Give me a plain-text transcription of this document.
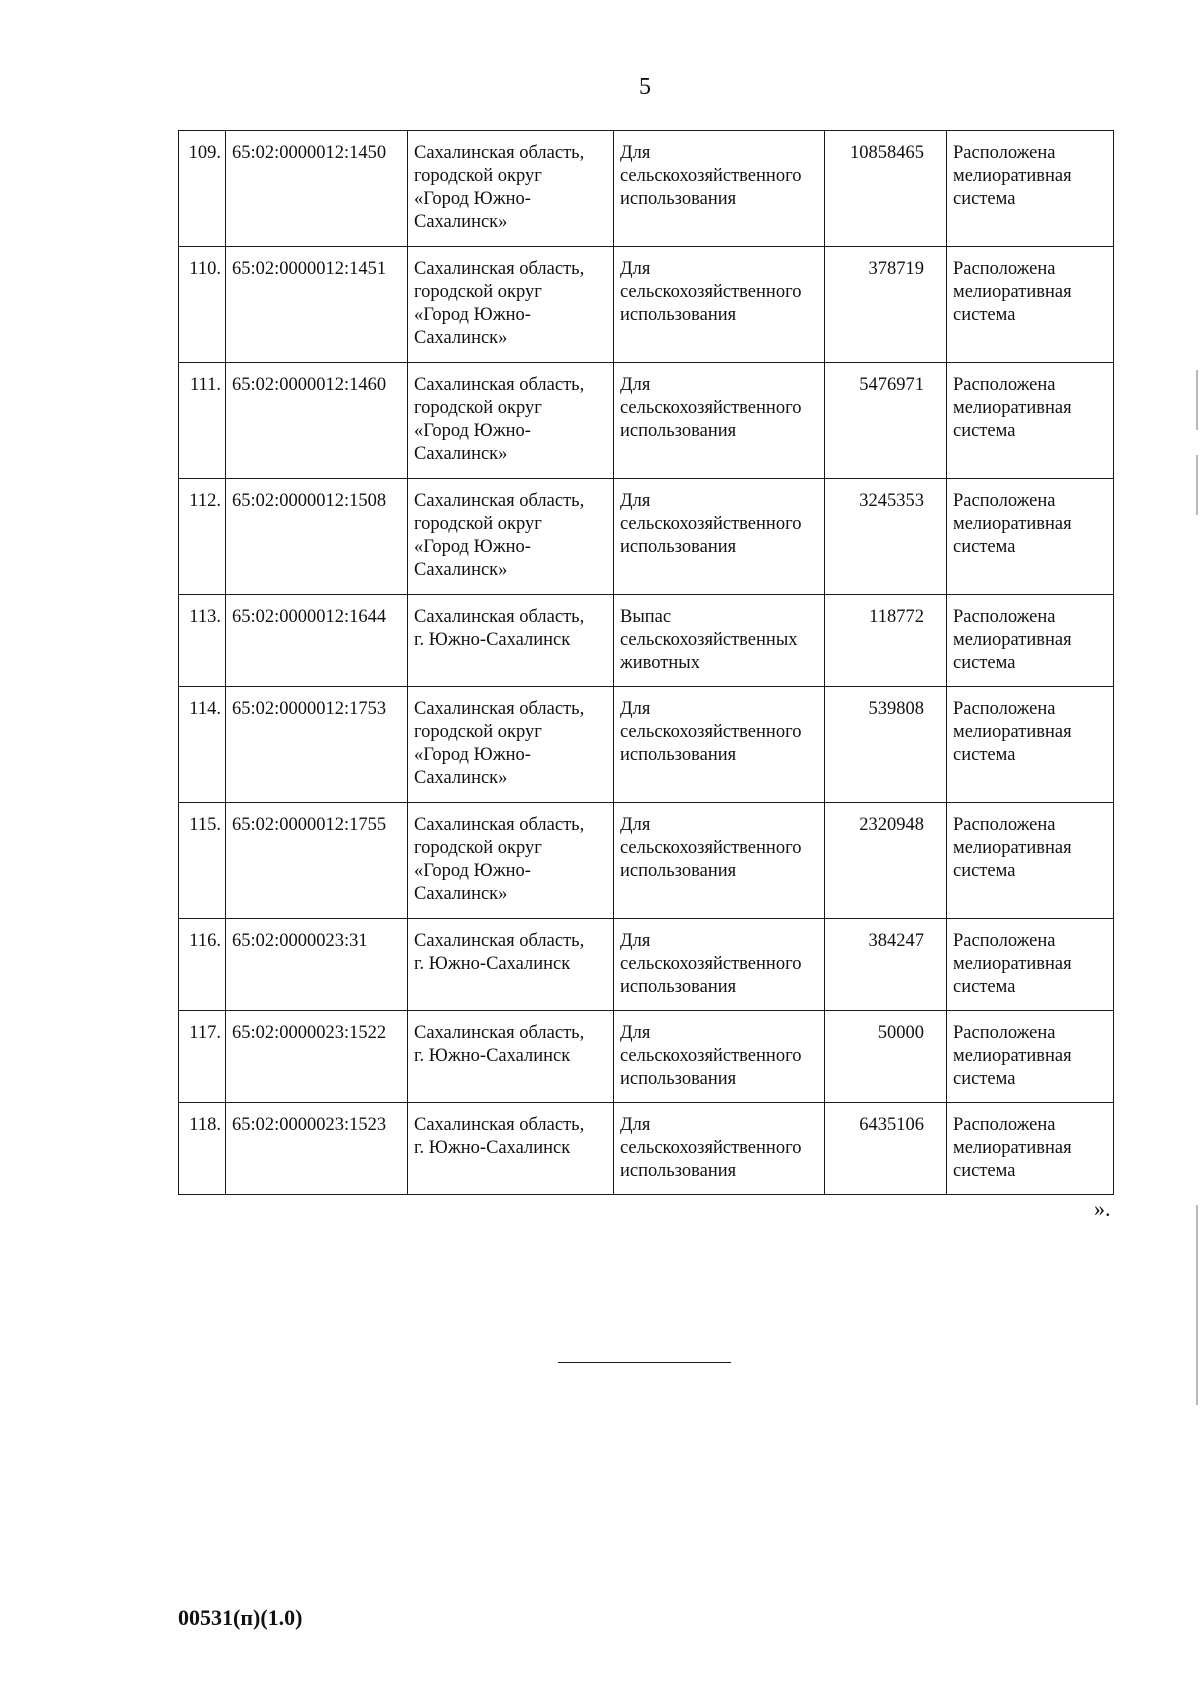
5
109.	65:02:0000012:1450	Сахалинская область,
городской округ
«Город Южно-
Сахалинск»	Для
сельскохозяйственного
использования	10858465	Расположена
мелиоративная
система
110.	65:02:0000012:1451	Сахалинская область,
городской округ
«Город Южно-
Сахалинск»	Для
сельскохозяйственного
использования	378719	Расположена
мелиоративная
система
111.	65:02:0000012:1460	Сахалинская область,
городской округ
«Город Южно-
Сахалинск»	Для
сельскохозяйственного
использования	5476971	Расположена
мелиоративная
система
112.	65:02:0000012:1508	Сахалинская область,
городской округ
«Город Южно-
Сахалинск»	Для
сельскохозяйственного
использования	3245353	Расположена
мелиоративная
система
113.	65:02:0000012:1644	Сахалинская область,
г. Южно-Сахалинск	Выпас
сельскохозяйственных
животных	118772	Расположена
мелиоративная
система
114.	65:02:0000012:1753	Сахалинская область,
городской округ
«Город Южно-
Сахалинск»	Для
сельскохозяйственного
использования	539808	Расположена
мелиоративная
система
115.	65:02:0000012:1755	Сахалинская область,
городской округ
«Город Южно-
Сахалинск»	Для
сельскохозяйственного
использования	2320948	Расположена
мелиоративная
система
116.	65:02:0000023:31	Сахалинская область,
г. Южно-Сахалинск	Для
сельскохозяйственного
использования	384247	Расположена
мелиоративная
система
117.	65:02:0000023:1522	Сахалинская область,
г. Южно-Сахалинск	Для
сельскохозяйственного
использования	50000	Расположена
мелиоративная
система
118.	65:02:0000023:1523	Сахалинская область,
г. Южно-Сахалинск	Для
сельскохозяйственного
использования	6435106	Расположена
мелиоративная
система
».
00531(п)(1.0)
